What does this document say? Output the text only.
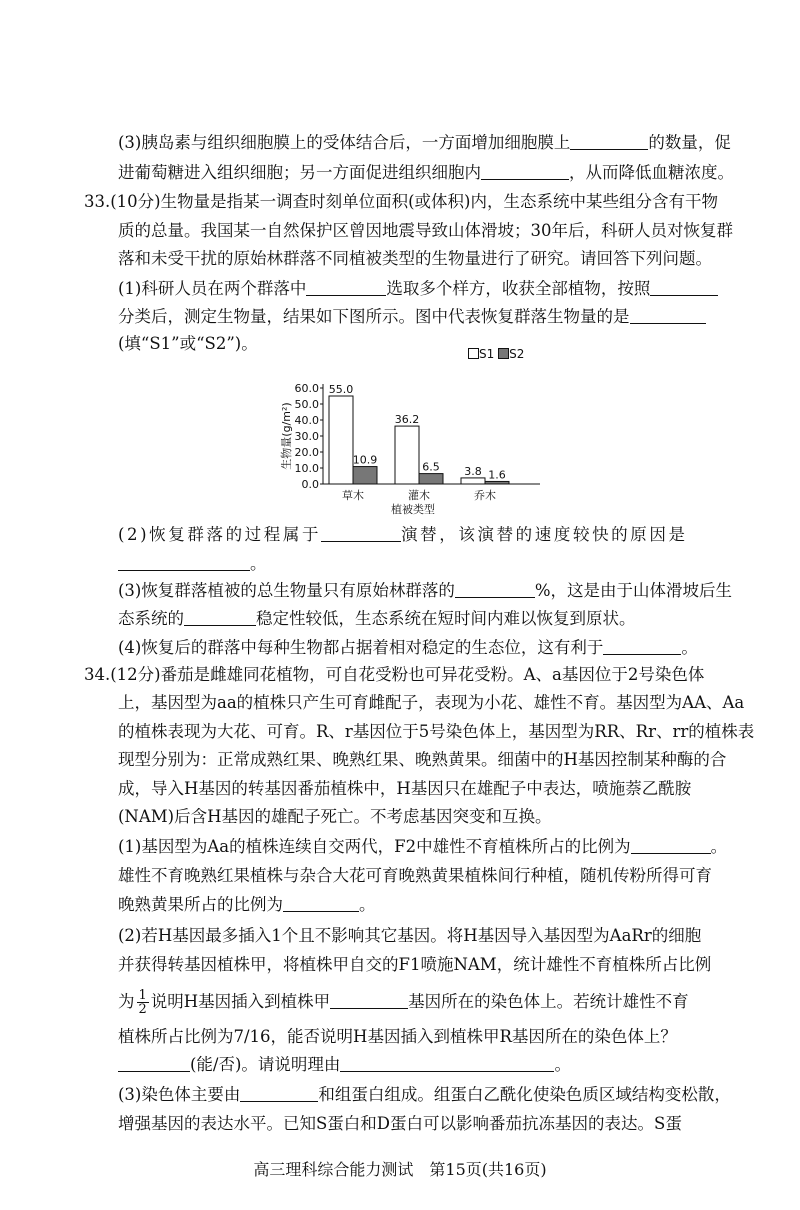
(3)胰岛素与组织细胞膜上的受体结合后，一方面增加细胞膜上	的数量，促
进葡萄糖进入组织细胞；另一方面促进组织细胞内	，从而降低血糖浓度。
33.(10分)生物量是指某一调查时刻单位面积(或体积)内，生态系统中某些组分含有干物
质的总量。我国某一自然保护区曾因地震导致山体滑坡；30年后，科研人员对恢复群
落和未受干扰的原始林群落不同植被类型的生物量进行了研究。请回答下列问题。
(1)科研人员在两个群落中	选取多个样方，收获全部植物，按照
分类后，测定生物量，结果如下图所示。图中代表恢复群落生物量的是
(填“S1”或“S2”)。
S1 S2
0.0
10.0
20.0
30.0
40.0
50.0
60.0
生物量(g/m²)
55.0
10.9
草木
36.2
6.5
灌木
3.8 1.6
乔木
植被类型
(2)恢复群落的过程属于	演替，该演替的速度较快的原因是
。
(3)恢复群落植被的总生物量只有原始林群落的	%，这是由于山体滑坡后生
态系统的	稳定性较低，生态系统在短时间内难以恢复到原状。
(4)恢复后的群落中每种生物都占据着相对稳定的生态位，这有利于	。
34.(12分)番茄是雌雄同花植物，可自花受粉也可异花受粉。A、a基因位于2号染色体
上，基因型为aa的植株只产生可育雌配子，表现为小花、雄性不育。基因型为AA、Aa
的植株表现为大花、可育。R、r基因位于5号染色体上，基因型为RR、Rr、rr的植株表
现型分别为：正常成熟红果、晚熟红果、晚熟黄果。细菌中的H基因控制某种酶的合
成，导入H基因的转基因番茄植株中，H基因只在雄配子中表达，喷施萘乙酰胺
(NAM)后含H基因的雄配子死亡。不考虑基因突变和互换。
(1)基因型为Aa的植株连续自交两代，F2中雄性不育植株所占的比例为	。
雄性不育晚熟红果植株与杂合大花可育晚熟黄果植株间行种植，随机传粉所得可育
晚熟黄果所占的比例为	。
(2)若H基因最多插入1个且不影响其它基因。将H基因导入基因型为AaRr的细胞
并获得转基因植株甲，将植株甲自交的F1喷施NAM，统计雄性不育植株所占比例
为 $\frac{1}{2}$ 说明H基因插入到植株甲	基因所在的染色体上。若统计雄性不育
植株所占比例为7/16，能否说明H基因插入到植株甲R基因所在的染色体上？
(能/否)。请说明理由	。
(3)染色体主要由	和组蛋白组成。组蛋白乙酰化使染色质区域结构变松散，
增强基因的表达水平。已知S蛋白和D蛋白可以影响番茄抗冻基因的表达。S蛋
高三理科综合能力测试　第15页(共16页)
